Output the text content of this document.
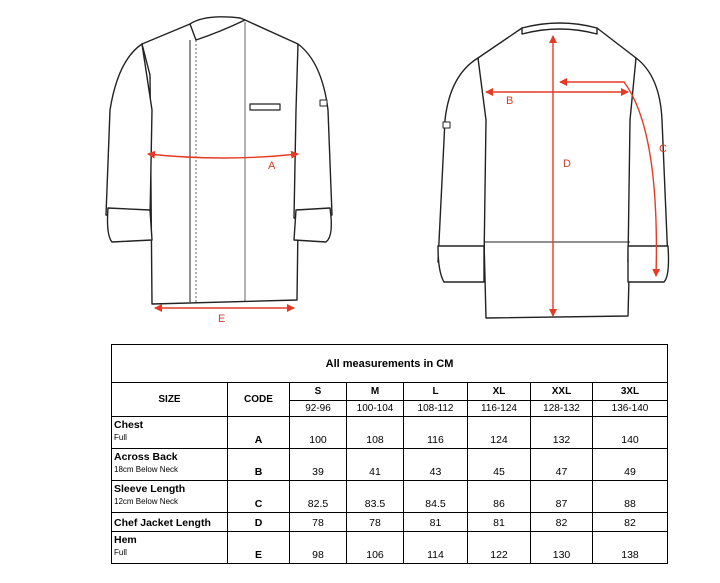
A
E
B
D
C
All measurements in CM							
SIZE	CODE	S	M	L	XL	XXL	3XL
		92-96	100-104	108-112	116-124	128-132	136-140

Chest
Full	A	100	108	116	124	132	140

Across Back
18cm Below Neck	B	39	41	43	45	47	49

Sleeve Length
12cm Below Neck	C	82.5	83.5	84.5	86	87	88

Chef Jacket Length	D	78	78	81	81	82	82

Hem
Full	E	98	106	114	122	130	138
